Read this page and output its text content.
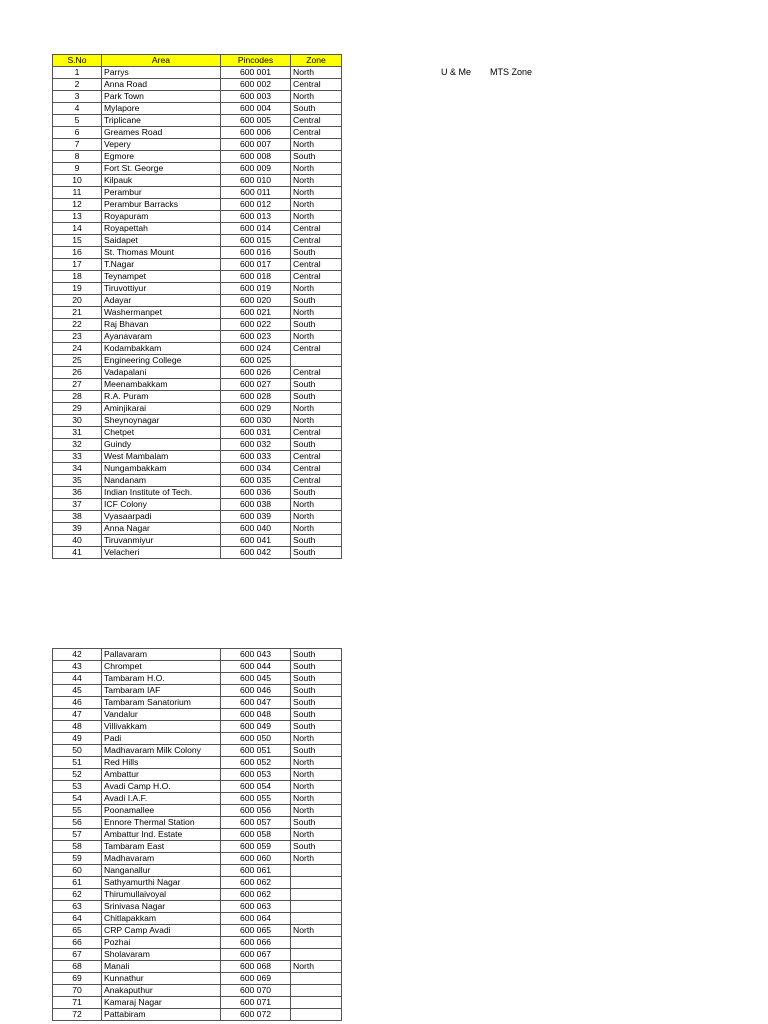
S.No	Area	Pincodes	Zone
1	Parrys	600 001	North
2	Anna Road	600 002	Central
3	Park Town	600 003	North
4	Mylapore	600 004	South
5	Triplicane	600 005	Central
6	Greames Road	600 006	Central
7	Vepery	600 007	North
8	Egmore	600 008	South
9	Fort St. George	600 009	North
10	Kilpauk	600 010	North
11	Perambur	600 011	North
12	Perambur Barracks	600 012	North
13	Royapuram	600 013	North
14	Royapettah	600 014	Central
15	Saidapet	600 015	Central
16	St. Thomas Mount	600 016	South
17	T.Nagar	600 017	Central
18	Teynampet	600 018	Central
19	Tiruvottiyur	600 019	North
20	Adayar	600 020	South
21	Washermanpet	600 021	North
22	Raj Bhavan	600 022	South
23	Ayanavaram	600 023	North
24	Kodambakkam	600 024	Central
25	Engineering College	600 025	
26	Vadapalani	600 026	Central
27	Meenambakkam	600 027	South
28	R.A. Puram	600 028	South
29	Aminjikarai	600 029	North
30	Sheynoynagar	600 030	North
31	Chetpet	600 031	Central
32	Guindy	600 032	South
33	West Mambalam	600 033	Central
34	Nungambakkam	600 034	Central
35	Nandanam	600 035	Central
36	Indian Institute of Tech.	600 036	South
37	ICF Colony	600 038	North
38	Vyasaarpadi	600 039	North
39	Anna Nagar	600 040	North
40	Tiruvanmiyur	600 041	South
41	Velacheri	600 042	South
U & Me MTS Zone
42	Pallavaram	600 043	South
43	Chrompet	600 044	South
44	Tambaram H.O.	600 045	South
45	Tambaram IAF	600 046	South
46	Tambaram Sanatorium	600 047	South
47	Vandalur	600 048	South
48	Villivakkam	600 049	South
49	Padi	600 050	North
50	Madhavaram Milk Colony	600 051	South
51	Red Hills	600 052	North
52	Ambattur	600 053	North
53	Avadi Camp H.O.	600 054	North
54	Avadi I.A.F.	600 055	North
55	Poonamallee	600 056	North
56	Ennore Thermal Station	600 057	South
57	Ambattur Ind. Estate	600 058	North
58	Tambaram East	600 059	South
59	Madhavaram	600 060	North
60	Nanganallur	600 061	
61	Sathyamurthi Nagar	600 062	
62	Thirumullaivoyal	600 062	
63	Srinivasa Nagar	600 063	
64	Chitlapakkam	600 064	
65	CRP Camp Avadi	600 065	North
66	Pozhai	600 066	
67	Sholavaram	600 067	
68	Manali	600 068	North
69	Kunnathur	600 069	
70	Anakaputhur	600 070	
71	Kamaraj Nagar	600 071	
72	Pattabiram	600 072	
